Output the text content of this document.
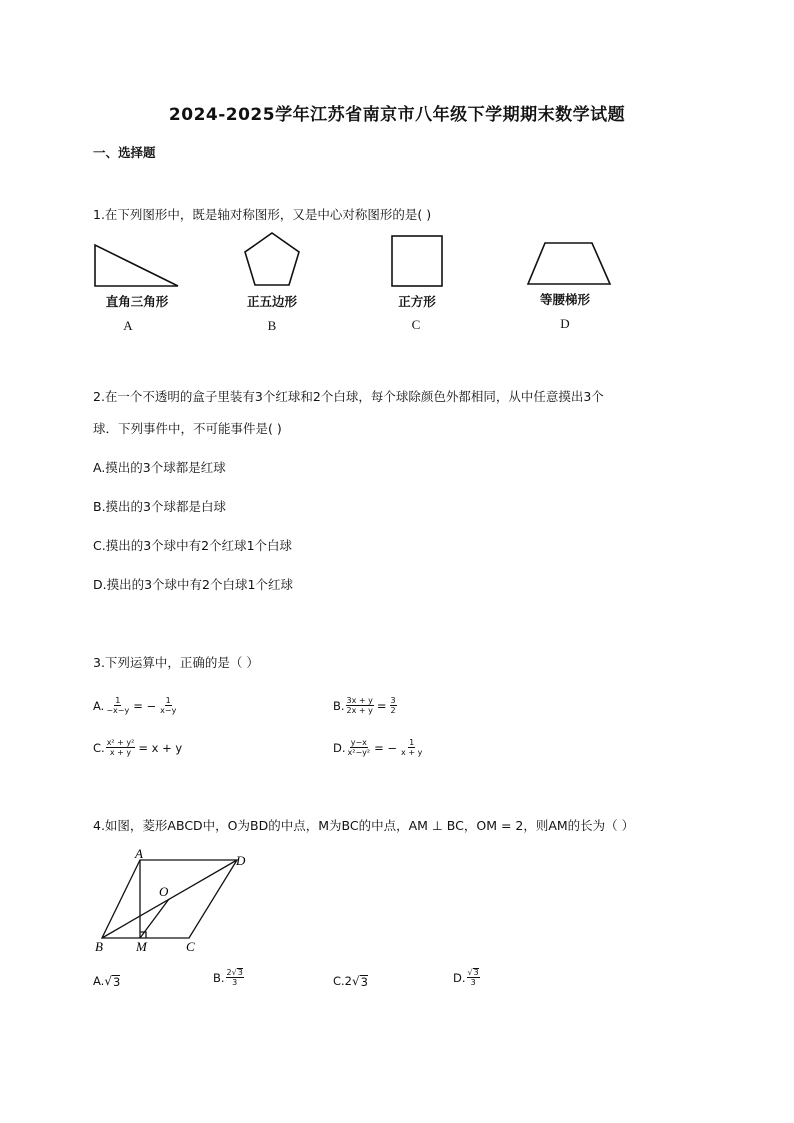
2024-2025学年江苏省南京市八年级下学期期末数学试题
一、选择题
1.在下列图形中，既是轴对称图形，又是中心对称图形的是( )
直角三角形	正五边形	正方形	等腰梯形
A	B	C	D
2.在一个不透明的盒子里装有3个红球和2个白球，每个球除颜色外都相同，从中任意摸出3个
球．下列事件中，不可能事件是( )
A.摸出的3个球都是红球
B.摸出的3个球都是白球
C.摸出的3个球中有2个红球1个白球
D.摸出的3个球中有2个白球1个红球
3.下列运算中，正确的是（ ）
A. $\frac{1}{-x-y}$ = − $\frac{1}{x-y}$	B. $\frac{3x + y}{2x + y} = \frac{3}{2}$
C. $\frac{\text{x² + y²}}{x + y} = x + y$	D. $\frac{y-x}{\text{x²−y²}}$ = − $\frac{1}{x + y}$
4.如图，菱形ABCD中，O为BD的中点，M为BC的中点，AM ⊥ BC，OM = 2，则AM的长为（ ）
A	D
O
B	M	C
A. √ 3	B. $\frac{2 √ 3}{3}$	C.2 √ 3	D. $\frac{√ 3}{3}$
